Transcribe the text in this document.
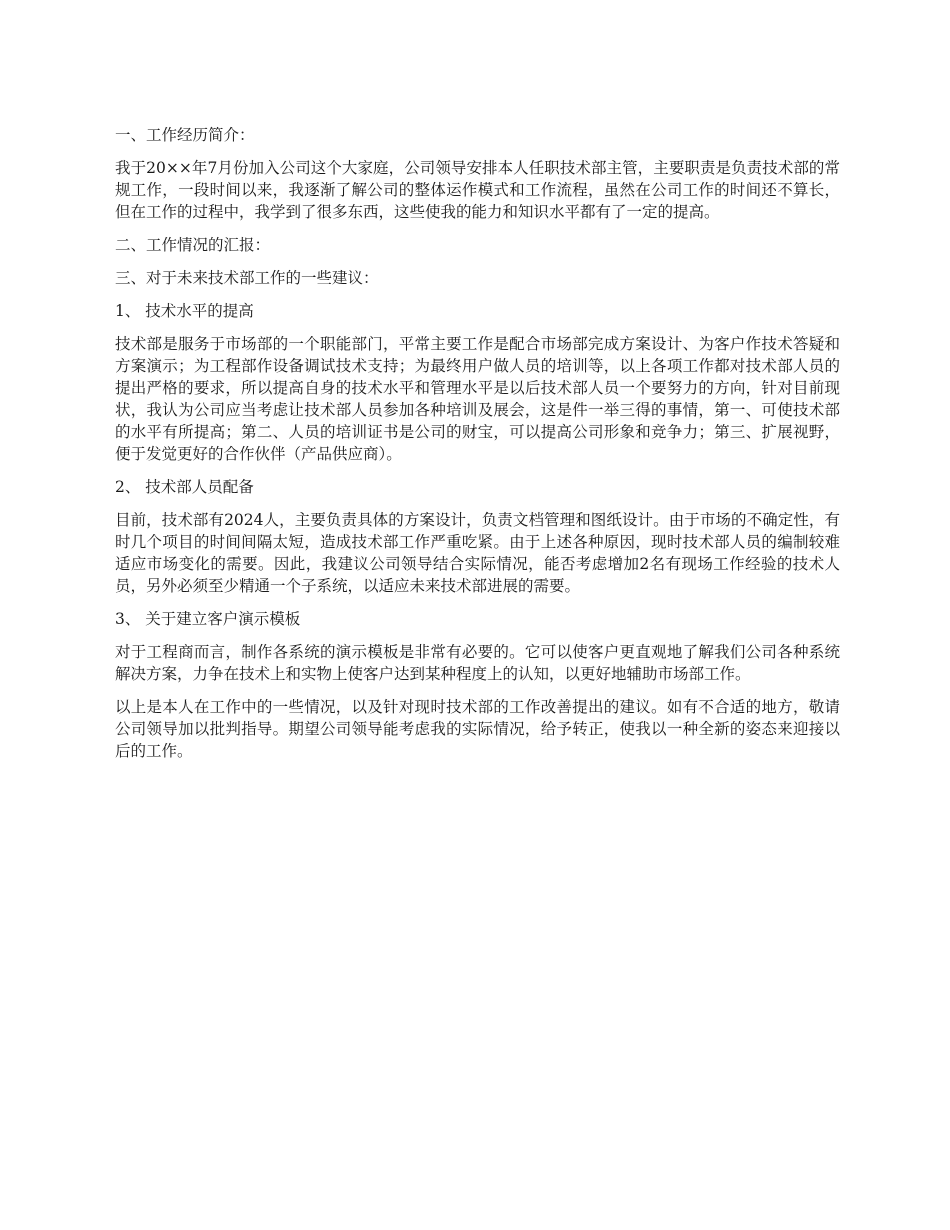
一、工作经历简介：

我于20××年7月份加入公司这个大家庭，公司领导安排本人任职技术部主管，主要职责是负责技术部的常规工作，一段时间以来，我逐渐了解公司的整体运作模式和工作流程，虽然在公司工作的时间还不算长，但在工作的过程中，我学到了很多东西，这些使我的能力和知识水平都有了一定的提高。

二、工作情况的汇报：

三、对于未来技术部工作的一些建议：

1、 技术水平的提高

技术部是服务于市场部的一个职能部门，平常主要工作是配合市场部完成方案设计、为客户作技术答疑和方案演示；为工程部作设备调试技术支持；为最终用户做人员的培训等，以上各项工作都对技术部人员的提出严格的要求，所以提高自身的技术水平和管理水平是以后技术部人员一个要努力的方向，针对目前现状，我认为公司应当考虑让技术部人员参加各种培训及展会，这是件一举三得的事情，第一、可使技术部的水平有所提高；第二、人员的培训证书是公司的财宝，可以提高公司形象和竞争力；第三、扩展视野，便于发觉更好的合作伙伴（产品供应商）。

2、 技术部人员配备

目前，技术部有2024人，主要负责具体的方案设计，负责文档管理和图纸设计。由于市场的不确定性，有时几个项目的时间间隔太短，造成技术部工作严重吃紧。由于上述各种原因，现时技术部人员的编制较难适应市场变化的需要。因此，我建议公司领导结合实际情况，能否考虑增加2名有现场工作经验的技术人员，另外必须至少精通一个子系统，以适应未来技术部进展的需要。

3、 关于建立客户演示模板

对于工程商而言，制作各系统的演示模板是非常有必要的。它可以使客户更直观地了解我们公司各种系统解决方案，力争在技术上和实物上使客户达到某种程度上的认知，以更好地辅助市场部工作。

以上是本人在工作中的一些情况，以及针对现时技术部的工作改善提出的建议。如有不合适的地方，敬请公司领导加以批判指导。期望公司领导能考虑我的实际情况，给予转正，使我以一种全新的姿态来迎接以后的工作。
